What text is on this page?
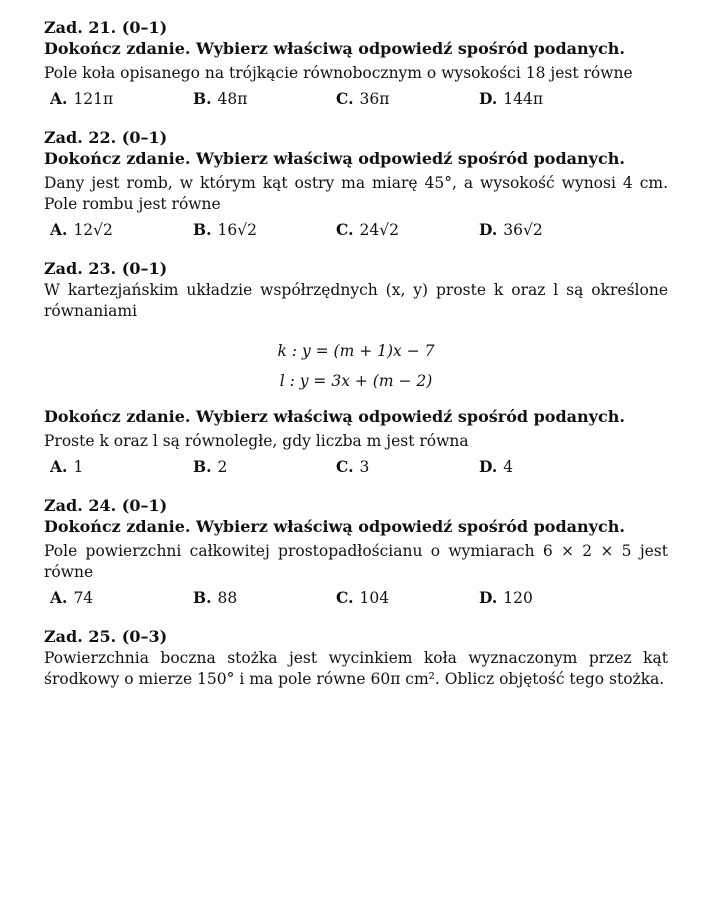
Zad. 21. (0–1)
Dokończ zdanie. Wybierz właściwą odpowiedź spośród podanych.
Pole koła opisanego na trójkącie równobocznym o wysokości 18 jest równe
A. 121π	B. 48π	C. 36π	D. 144π
Zad. 22. (0–1)
Dokończ zdanie. Wybierz właściwą odpowiedź spośród podanych.
Dany jest romb, w którym kąt ostry ma miarę 45°, a wysokość wynosi 4 cm. Pole rombu jest równe
A. 12√2	B. 16√2	C. 24√2	D. 36√2
Zad. 23. (0–1)
W kartezjańskim układzie współrzędnych (x, y) proste k oraz l są określone równaniami
k : y = (m + 1)x − 7
l : y = 3x + (m − 2)
Dokończ zdanie. Wybierz właściwą odpowiedź spośród podanych.
Proste k oraz l są równoległe, gdy liczba m jest równa
A. 1	B. 2	C. 3	D. 4
Zad. 24. (0–1)
Dokończ zdanie. Wybierz właściwą odpowiedź spośród podanych.
Pole powierzchni całkowitej prostopadłościanu o wymiarach 6 × 2 × 5 jest równe
A. 74	B. 88	C. 104	D. 120
Zad. 25. (0–3)
Powierzchnia boczna stożka jest wycinkiem koła wyznaczonym przez kąt środkowy o mierze 150° i ma pole równe 60π cm². Oblicz objętość tego stożka.
